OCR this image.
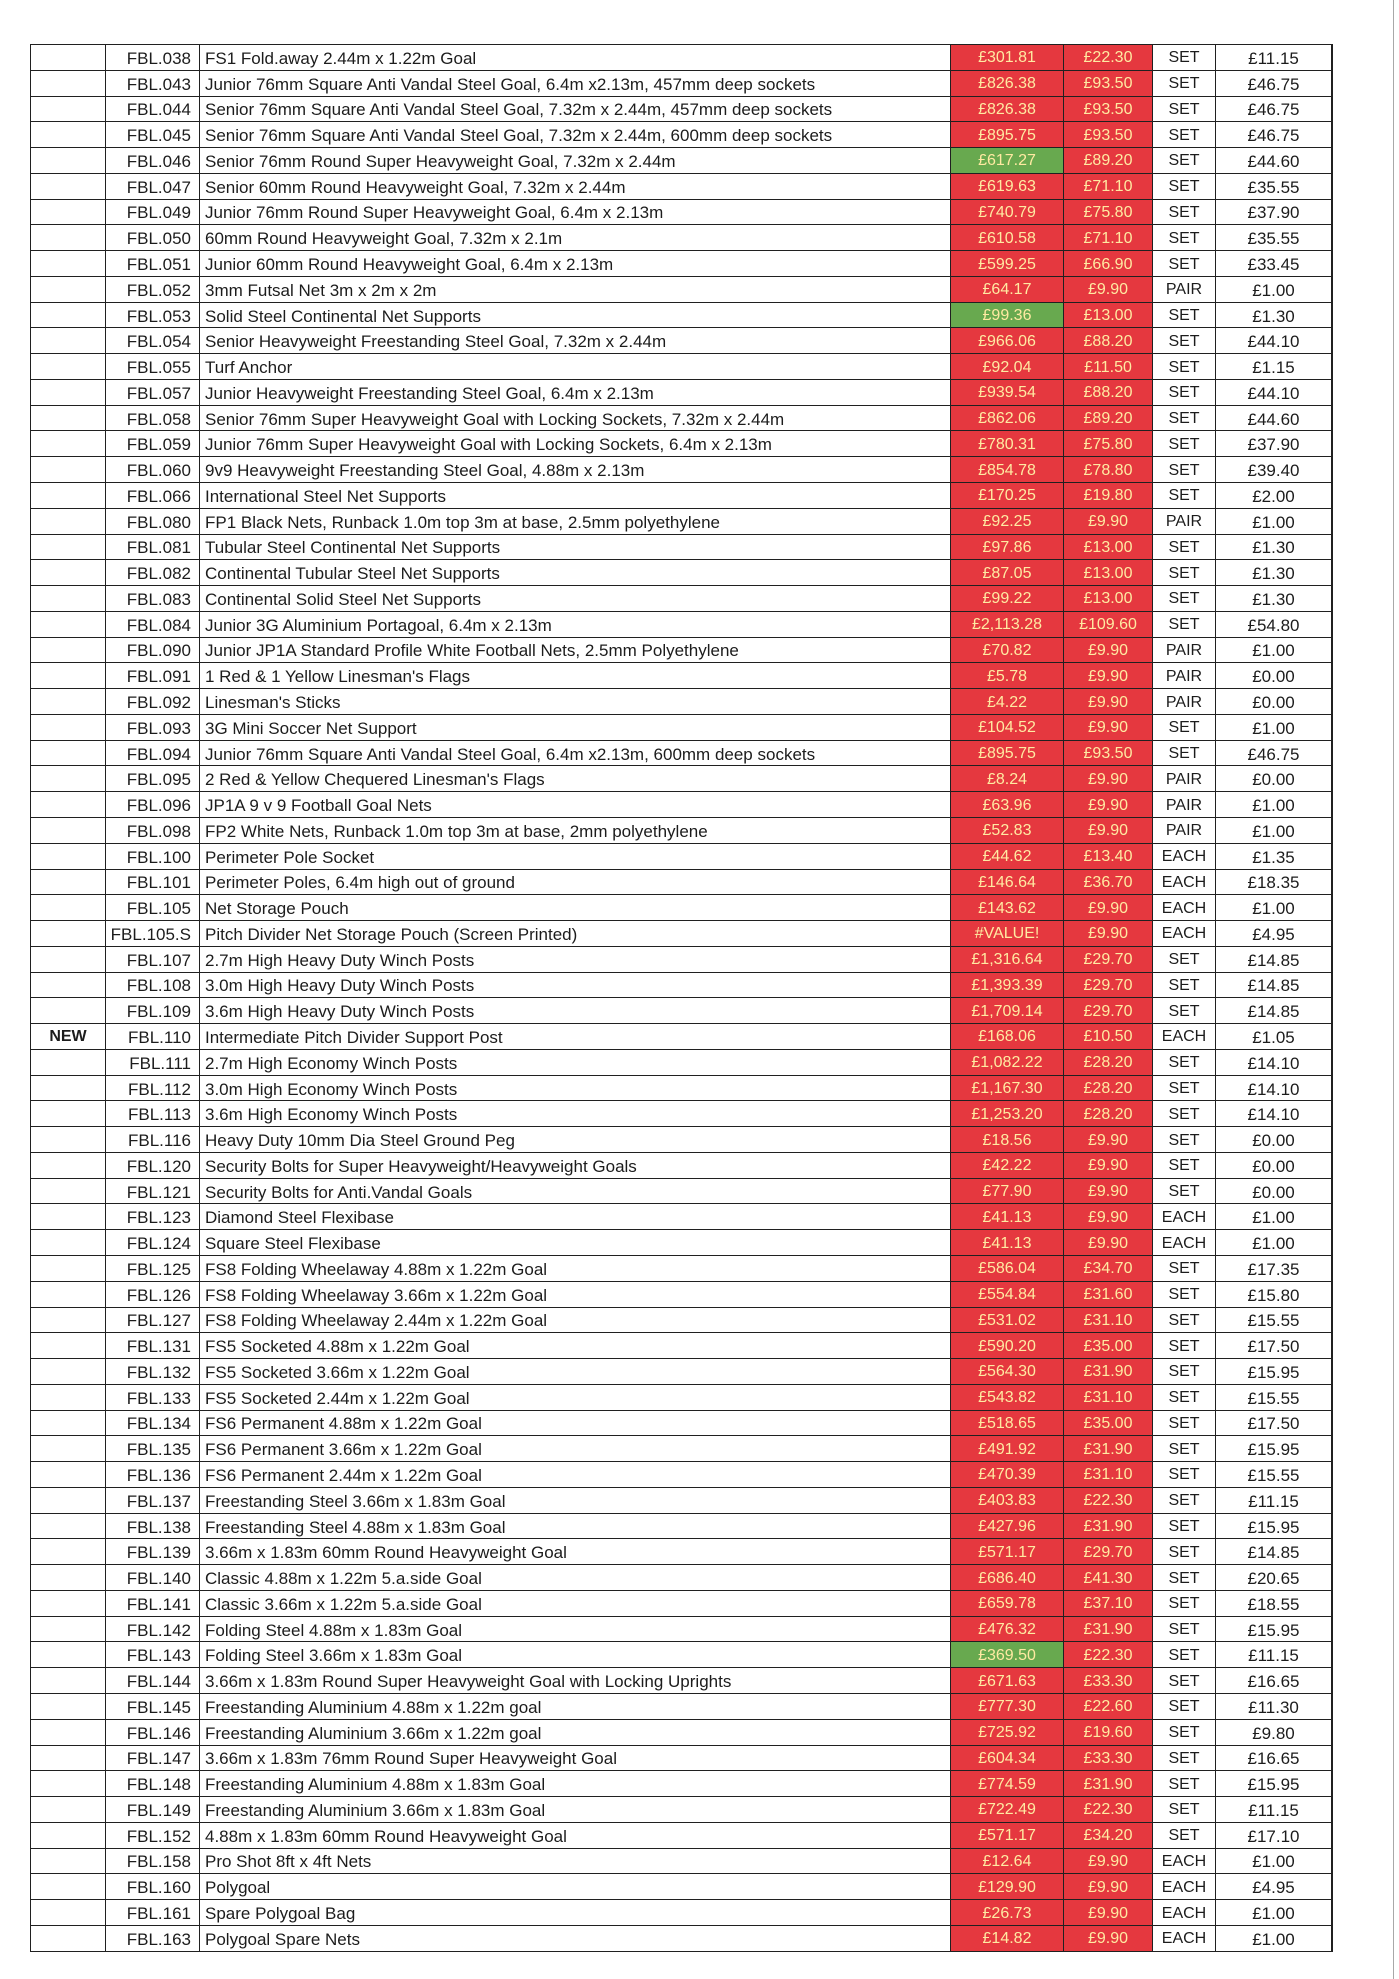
FBL.038 FS1 Fold.away 2.44m x 1.22m Goal	£301.81	£22.30	SET	£11.15
FBL.043 Junior 76mm Square Anti Vandal Steel Goal, 6.4m x2.13m, 457mm deep sockets	£826.38	£93.50	SET	£46.75
FBL.044 Senior 76mm Square Anti Vandal Steel Goal, 7.32m x 2.44m, 457mm deep sockets	£826.38	£93.50	SET	£46.75
FBL.045 Senior 76mm Square Anti Vandal Steel Goal, 7.32m x 2.44m, 600mm deep sockets	£895.75	£93.50	SET	£46.75
FBL.046 Senior 76mm Round Super Heavyweight Goal, 7.32m x 2.44m	£617.27	£89.20	SET	£44.60
FBL.047 Senior 60mm Round Heavyweight Goal, 7.32m x 2.44m	£619.63	£71.10	SET	£35.55
FBL.049 Junior 76mm Round Super Heavyweight Goal, 6.4m x 2.13m	£740.79	£75.80	SET	£37.90
FBL.050 60mm Round Heavyweight Goal, 7.32m x 2.1m	£610.58	£71.10	SET	£35.55
FBL.051 Junior 60mm Round Heavyweight Goal, 6.4m x 2.13m	£599.25	£66.90	SET	£33.45
FBL.052 3mm Futsal Net 3m x 2m x 2m	£64.17	£9.90	PAIR	£1.00
FBL.053 Solid Steel Continental Net Supports	£99.36	£13.00	SET	£1.30
FBL.054 Senior Heavyweight Freestanding Steel Goal, 7.32m x 2.44m	£966.06	£88.20	SET	£44.10
FBL.055 Turf Anchor	£92.04	£11.50	SET	£1.15
FBL.057 Junior Heavyweight Freestanding Steel Goal, 6.4m x 2.13m	£939.54	£88.20	SET	£44.10
FBL.058 Senior 76mm Super Heavyweight Goal with Locking Sockets, 7.32m x 2.44m	£862.06	£89.20	SET	£44.60
FBL.059 Junior 76mm Super Heavyweight Goal with Locking Sockets, 6.4m x 2.13m	£780.31	£75.80	SET	£37.90
FBL.060 9v9 Heavyweight Freestanding Steel Goal, 4.88m x 2.13m	£854.78	£78.80	SET	£39.40
FBL.066 International Steel Net Supports	£170.25	£19.80	SET	£2.00
FBL.080 FP1 Black Nets, Runback 1.0m top 3m at base, 2.5mm polyethylene	£92.25	£9.90	PAIR	£1.00
FBL.081 Tubular Steel Continental Net Supports	£97.86	£13.00	SET	£1.30
FBL.082 Continental Tubular Steel Net Supports	£87.05	£13.00	SET	£1.30
FBL.083 Continental Solid Steel Net Supports	£99.22	£13.00	SET	£1.30
FBL.084 Junior 3G Aluminium Portagoal, 6.4m x 2.13m	£2,113.28	£109.60	SET	£54.80
FBL.090 Junior JP1A Standard Profile White Football Nets, 2.5mm Polyethylene	£70.82	£9.90	PAIR	£1.00
FBL.091 1 Red & 1 Yellow Linesman's Flags	£5.78	£9.90	PAIR	£0.00
FBL.092 Linesman's Sticks	£4.22	£9.90	PAIR	£0.00
FBL.093 3G Mini Soccer Net Support	£104.52	£9.90	SET	£1.00
FBL.094 Junior 76mm Square Anti Vandal Steel Goal, 6.4m x2.13m, 600mm deep sockets	£895.75	£93.50	SET	£46.75
FBL.095 2 Red & Yellow Chequered Linesman's Flags	£8.24	£9.90	PAIR	£0.00
FBL.096 JP1A 9 v 9 Football Goal Nets	£63.96	£9.90	PAIR	£1.00
FBL.098 FP2 White Nets, Runback 1.0m top 3m at base, 2mm polyethylene	£52.83	£9.90	PAIR	£1.00
FBL.100 Perimeter Pole Socket	£44.62	£13.40	EACH	£1.35
FBL.101 Perimeter Poles, 6.4m high out of ground	£146.64	£36.70	EACH	£18.35
FBL.105 Net Storage Pouch	£143.62	£9.90	EACH	£1.00
FBL.105.S Pitch Divider Net Storage Pouch (Screen Printed)	#VALUE!	£9.90	EACH	£4.95
FBL.107 2.7m High Heavy Duty Winch Posts	£1,316.64	£29.70	SET	£14.85
FBL.108 3.0m High Heavy Duty Winch Posts	£1,393.39	£29.70	SET	£14.85
FBL.109 3.6m High Heavy Duty Winch Posts	£1,709.14	£29.70	SET	£14.85
NEW	FBL.110 Intermediate Pitch Divider Support Post	£168.06	£10.50	EACH	£1.05
FBL.111 2.7m High Economy Winch Posts	£1,082.22	£28.20	SET	£14.10
FBL.112 3.0m High Economy Winch Posts	£1,167.30	£28.20	SET	£14.10
FBL.113 3.6m High Economy Winch Posts	£1,253.20	£28.20	SET	£14.10
FBL.116 Heavy Duty 10mm Dia Steel Ground Peg	£18.56	£9.90	SET	£0.00
FBL.120 Security Bolts for Super Heavyweight/Heavyweight Goals	£42.22	£9.90	SET	£0.00
FBL.121 Security Bolts for Anti.Vandal Goals	£77.90	£9.90	SET	£0.00
FBL.123 Diamond Steel Flexibase	£41.13	£9.90	EACH	£1.00
FBL.124 Square Steel Flexibase	£41.13	£9.90	EACH	£1.00
FBL.125 FS8 Folding Wheelaway 4.88m x 1.22m Goal	£586.04	£34.70	SET	£17.35
FBL.126 FS8 Folding Wheelaway 3.66m x 1.22m Goal	£554.84	£31.60	SET	£15.80
FBL.127 FS8 Folding Wheelaway 2.44m x 1.22m Goal	£531.02	£31.10	SET	£15.55
FBL.131 FS5 Socketed 4.88m x 1.22m Goal	£590.20	£35.00	SET	£17.50
FBL.132 FS5 Socketed 3.66m x 1.22m Goal	£564.30	£31.90	SET	£15.95
FBL.133 FS5 Socketed 2.44m x 1.22m Goal	£543.82	£31.10	SET	£15.55
FBL.134 FS6 Permanent 4.88m x 1.22m Goal	£518.65	£35.00	SET	£17.50
FBL.135 FS6 Permanent 3.66m x 1.22m Goal	£491.92	£31.90	SET	£15.95
FBL.136 FS6 Permanent 2.44m x 1.22m Goal	£470.39	£31.10	SET	£15.55
FBL.137 Freestanding Steel 3.66m x 1.83m Goal	£403.83	£22.30	SET	£11.15
FBL.138 Freestanding Steel 4.88m x 1.83m Goal	£427.96	£31.90	SET	£15.95
FBL.139 3.66m x 1.83m 60mm Round Heavyweight Goal	£571.17	£29.70	SET	£14.85
FBL.140 Classic 4.88m x 1.22m 5.a.side Goal	£686.40	£41.30	SET	£20.65
FBL.141 Classic 3.66m x 1.22m 5.a.side Goal	£659.78	£37.10	SET	£18.55
FBL.142 Folding Steel 4.88m x 1.83m Goal	£476.32	£31.90	SET	£15.95
FBL.143 Folding Steel 3.66m x 1.83m Goal	£369.50	£22.30	SET	£11.15
FBL.144 3.66m x 1.83m Round Super Heavyweight Goal with Locking Uprights	£671.63	£33.30	SET	£16.65
FBL.145 Freestanding Aluminium 4.88m x 1.22m goal	£777.30	£22.60	SET	£11.30
FBL.146 Freestanding Aluminium 3.66m x 1.22m goal	£725.92	£19.60	SET	£9.80
FBL.147 3.66m x 1.83m 76mm Round Super Heavyweight Goal	£604.34	£33.30	SET	£16.65
FBL.148 Freestanding Aluminium 4.88m x 1.83m Goal	£774.59	£31.90	SET	£15.95
FBL.149 Freestanding Aluminium 3.66m x 1.83m Goal	£722.49	£22.30	SET	£11.15
FBL.152 4.88m x 1.83m 60mm Round Heavyweight Goal	£571.17	£34.20	SET	£17.10
FBL.158 Pro Shot 8ft x 4ft Nets	£12.64	£9.90	EACH	£1.00
FBL.160 Polygoal	£129.90	£9.90	EACH	£4.95
FBL.161 Spare Polygoal Bag	£26.73	£9.90	EACH	£1.00
FBL.163 Polygoal Spare Nets	£14.82	£9.90	EACH	£1.00
